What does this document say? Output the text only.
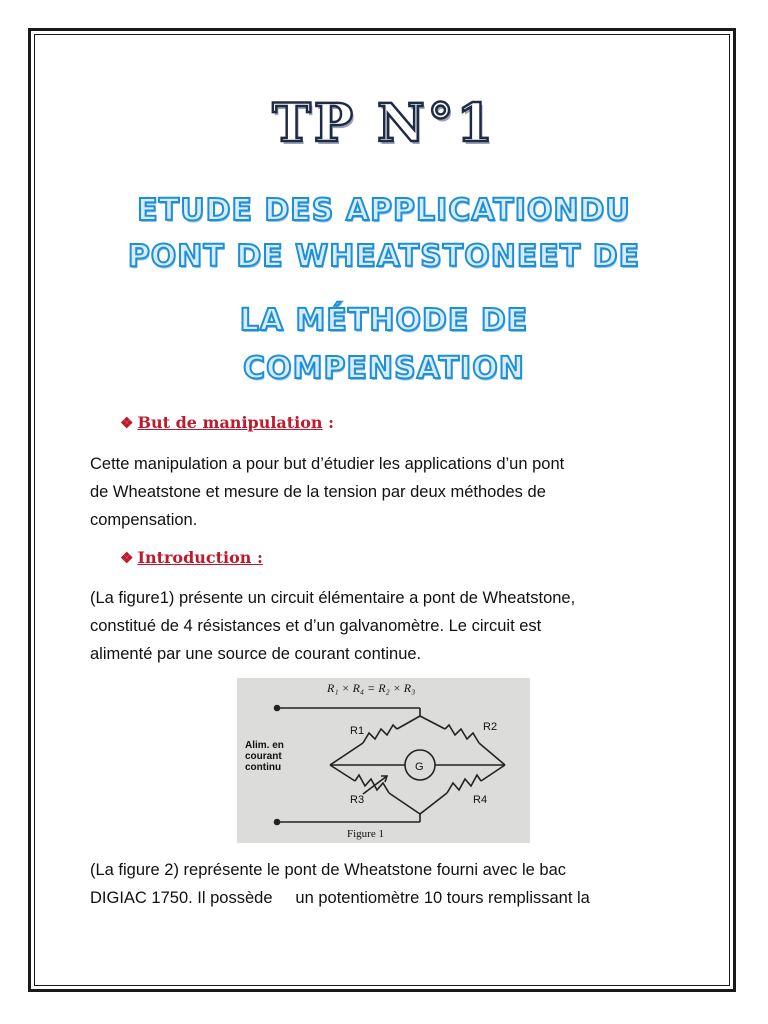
TP N°1
ETUDE DES APPLICATIONDU
PONT DE WHEATSTONEET DE
LA MÉTHODE DE
COMPENSATION
❖ But de manipulation :
Cette manipulation a pour but d’étudier les applications d’un pont
de Wheatstone et mesure de la tension par deux méthodes de
compensation.
❖ Introduction :
(La figure1) présente un circuit élémentaire a pont de Wheatstone,
constitué de 4 résistances et d’un galvanomètre. Le circuit est
alimenté par une source de courant continue.
R₁ × R₄ = R₂ × R₃
R1	R2
R3	R4
G
Alim. en
courant
continu
Figure 1
(La figure 2) représente le pont de Wheatstone fourni avec le bac
DIGIAC 1750. Il possède     un potentiomètre 10 tours remplissant la
